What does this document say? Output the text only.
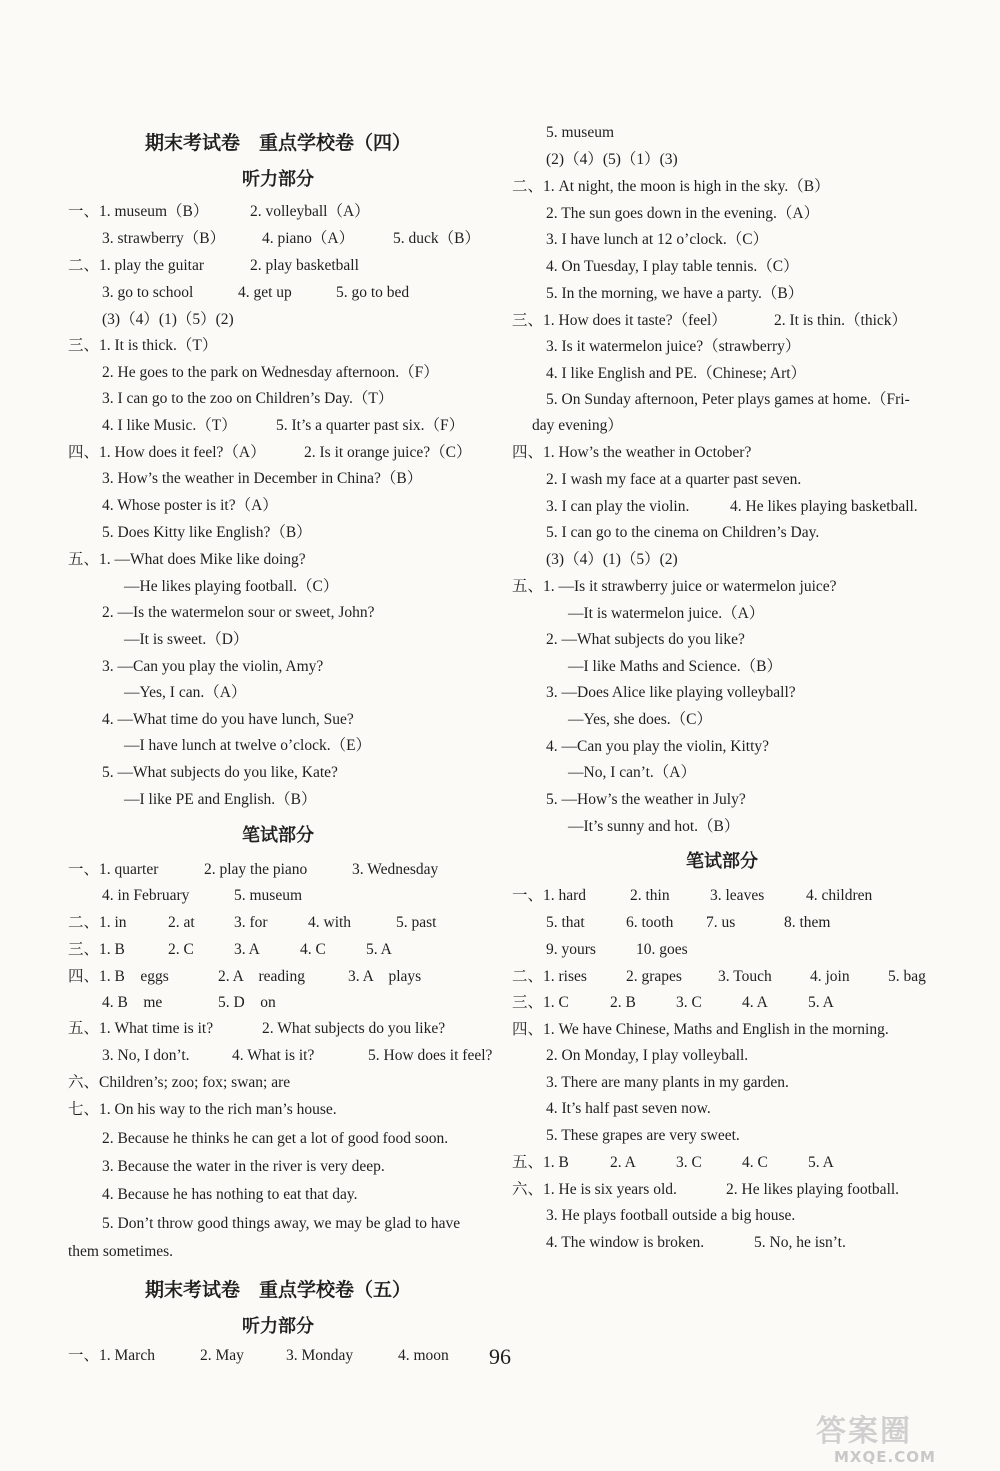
期末考试卷　重点学校卷（四）
听力部分
一、1. museum（B）	2. volleyball（A）
3. strawberry（B） 4. piano（A）	5. duck（B）
二、1. play the guitar	2. play basketball
3. go to school	4. get up	5. go to bed
(3)（4）(1)（5）(2)
三、1. It is thick.（T）
2. He goes to the park on Wednesday afternoon.（F）
3. I can go to the zoo on Children’s Day.（T）
4. I like Music.（T）	5. It’s a quarter past six.（F）
四、1. How does it feel?（A） 2. Is it orange juice?（C）
3. How’s the weather in December in China?（B）
4. Whose poster is it?（A）
5. Does Kitty like English?（B）
五、1. —What does Mike like doing?
—He likes playing football.（C）
2. —Is the watermelon sour or sweet, John?
—It is sweet.（D）
3. —Can you play the violin, Amy?
—Yes, I can.（A）
4. —What time do you have lunch, Sue?
—I have lunch at twelve o’clock.（E）
5. —What subjects do you like, Kate?
—I like PE and English.（B）
笔试部分
一、1. quarter	2. play the piano	3. Wednesday
4. in February	5. museum
二、1. in	2. at	3. for	4. with	5. past
三、1. B	2. C	3. A	4. C	5. A
四、1. B　eggs	2. A　reading	3. A　plays
4. B　me	5. D　on
五、1. What time is it?	2. What subjects do you like?
3. No, I don’t.	4. What is it?	5. How does it feel?
六、Children’s; zoo; fox; swan; are
七、1. On his way to the rich man’s house.
2. Because he thinks he can get a lot of good food soon.
3. Because the water in the river is very deep.
4. Because he has nothing to eat that day.
5. Don’t throw good things away, we may be glad to have
them sometimes.
期末考试卷　重点学校卷（五）
听力部分
一、1. March	2. May	3. Monday	4. moon
5. museum
(2)（4）(5)（1）(3)
二、1. At night, the moon is high in the sky.（B）
2. The sun goes down in the evening.（A）
3. I have lunch at 12 o’clock.（C）
4. On Tuesday, I play table tennis.（C）
5. In the morning, we have a party.（B）
三、1. How does it taste?（feel）	2. It is thin.（thick）
3. Is it watermelon juice?（strawberry）
4. I like English and PE.（Chinese; Art）
5. On Sunday afternoon, Peter plays games at home.（Fri-
day evening）
四、1. How’s the weather in October?
2. I wash my face at a quarter past seven.
3. I can play the violin.	4. He likes playing basketball.
5. I can go to the cinema on Children’s Day.
(3)（4）(1)（5）(2)
五、1. —Is it strawberry juice or watermelon juice?
—It is watermelon juice.（A）
2. —What subjects do you like?
—I like Maths and Science.（B）
3. —Does Alice like playing volleyball?
—Yes, she does.（C）
4. —Can you play the violin, Kitty?
—No, I can’t.（A）
5. —How’s the weather in July?
—It’s sunny and hot.（B）
笔试部分
一、1. hard	2. thin	3. leaves	4. children
5. that	6. tooth 7. us	8. them
9. yours	10. goes
二、1. rises	2. grapes 3. Touch 4. join 5. bag
三、1. C	2. B	3. C	4. A	5. A
四、1. We have Chinese, Maths and English in the morning.
2. On Monday, I play volleyball.
3. There are many plants in my garden.
4. It’s half past seven now.
5. These grapes are very sweet.
五、1. B	2. A	3. C	4. C	5. A
六、1. He is six years old.	2. He likes playing football.
3. He plays football outside a big house.
4. The window is broken.	5. No, he isn’t.
96
答案圈
MXQE.COM
